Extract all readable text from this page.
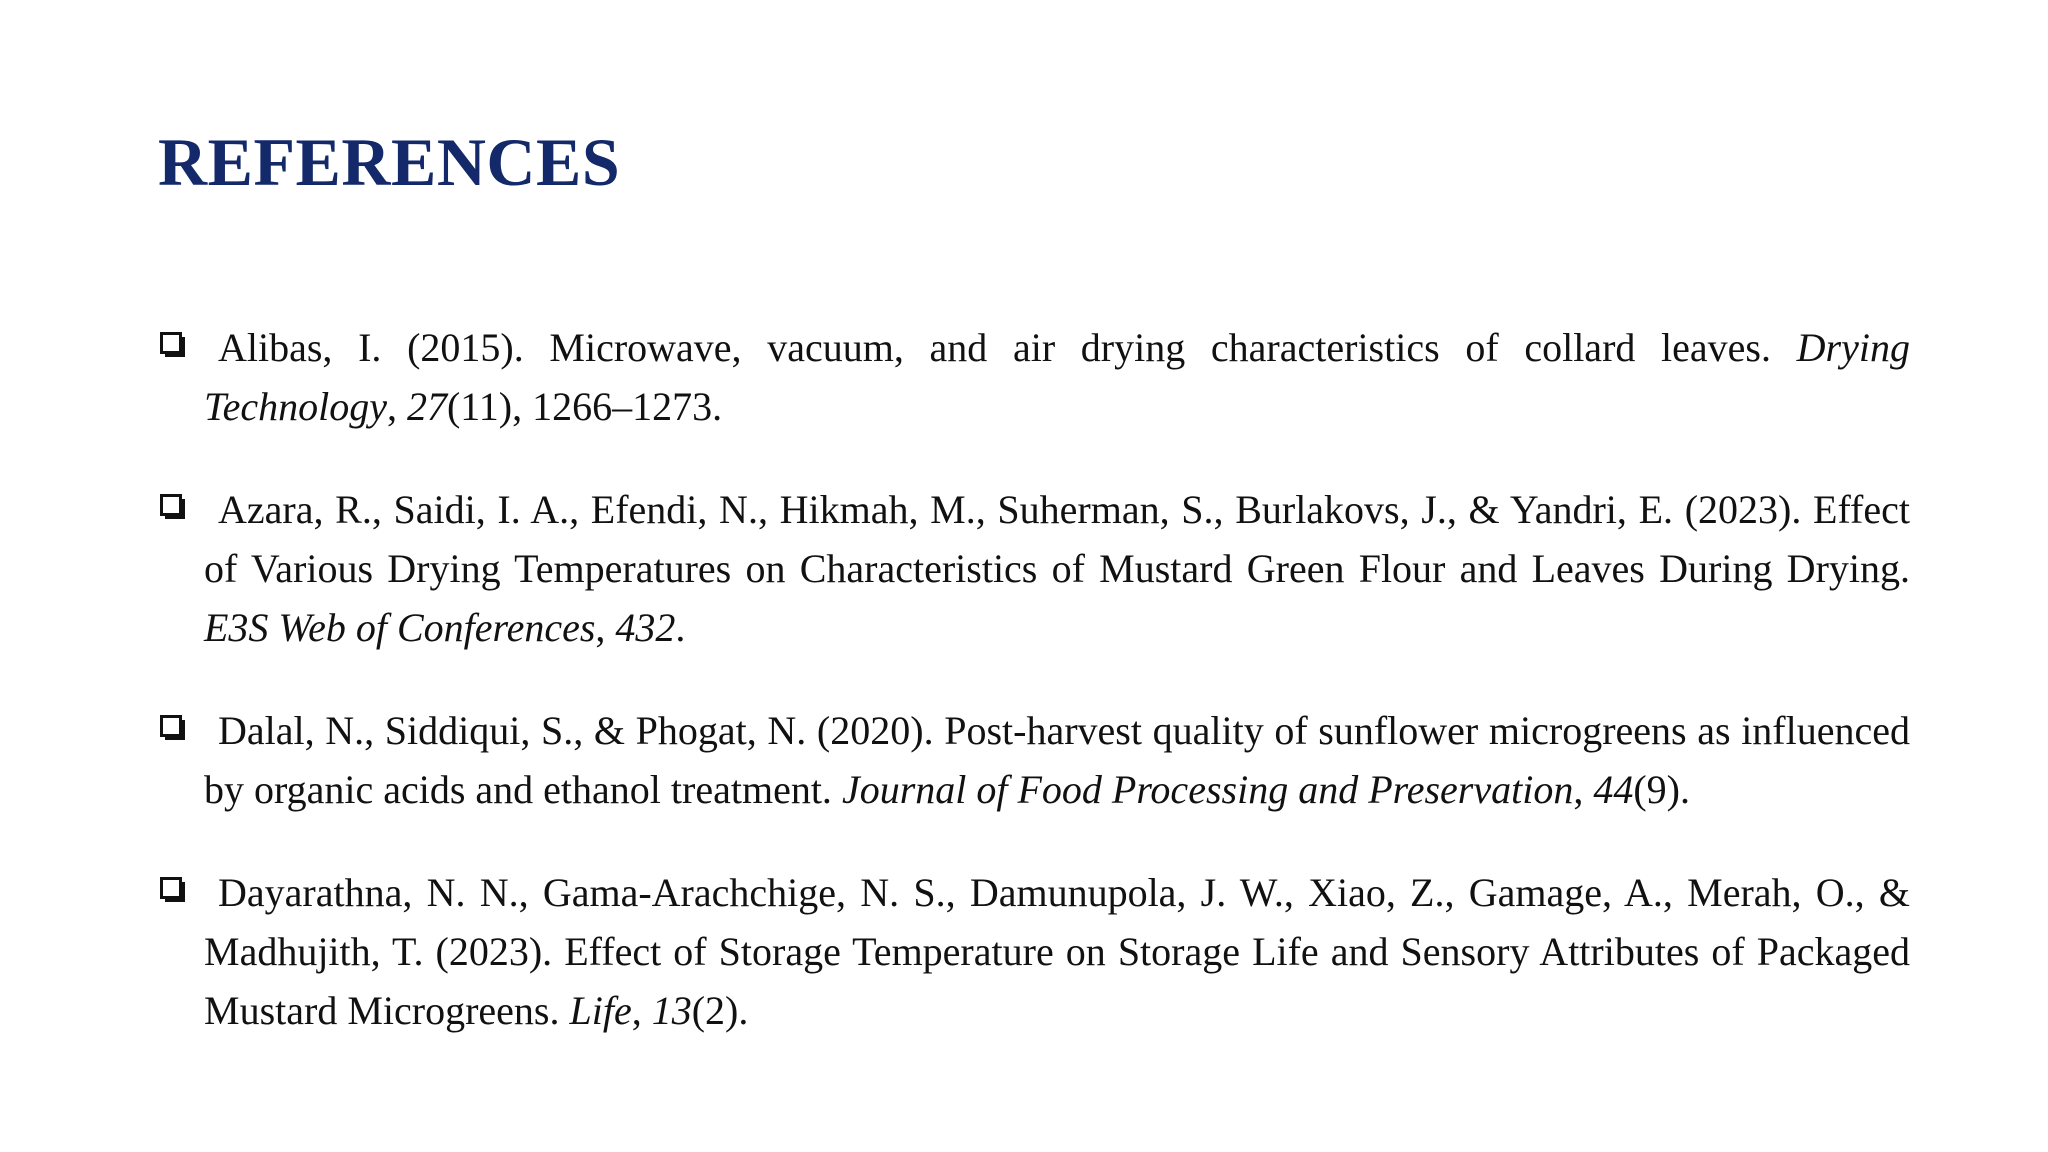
REFERENCES
Alibas, I. (2015). Microwave, vacuum, and air drying characteristics of collard leaves. Drying Technology, 27(11), 1266–1273.
Azara, R., Saidi, I. A., Efendi, N., Hikmah, M., Suherman, S., Burlakovs, J., & Yandri, E. (2023). Effect of Various Drying Temperatures on Characteristics of Mustard Green Flour and Leaves During Drying. E3S Web of Conferences, 432.
Dalal, N., Siddiqui, S., & Phogat, N. (2020). Post-harvest quality of sunflower microgreens as influenced by organic acids and ethanol treatment. Journal of Food Processing and Preservation, 44(9).
Dayarathna, N. N., Gama-Arachchige, N. S., Damunupola, J. W., Xiao, Z., Gamage, A., Merah, O., & Madhujith, T. (2023). Effect of Storage Temperature on Storage Life and Sensory Attributes of Packaged Mustard Microgreens. Life, 13(2).
